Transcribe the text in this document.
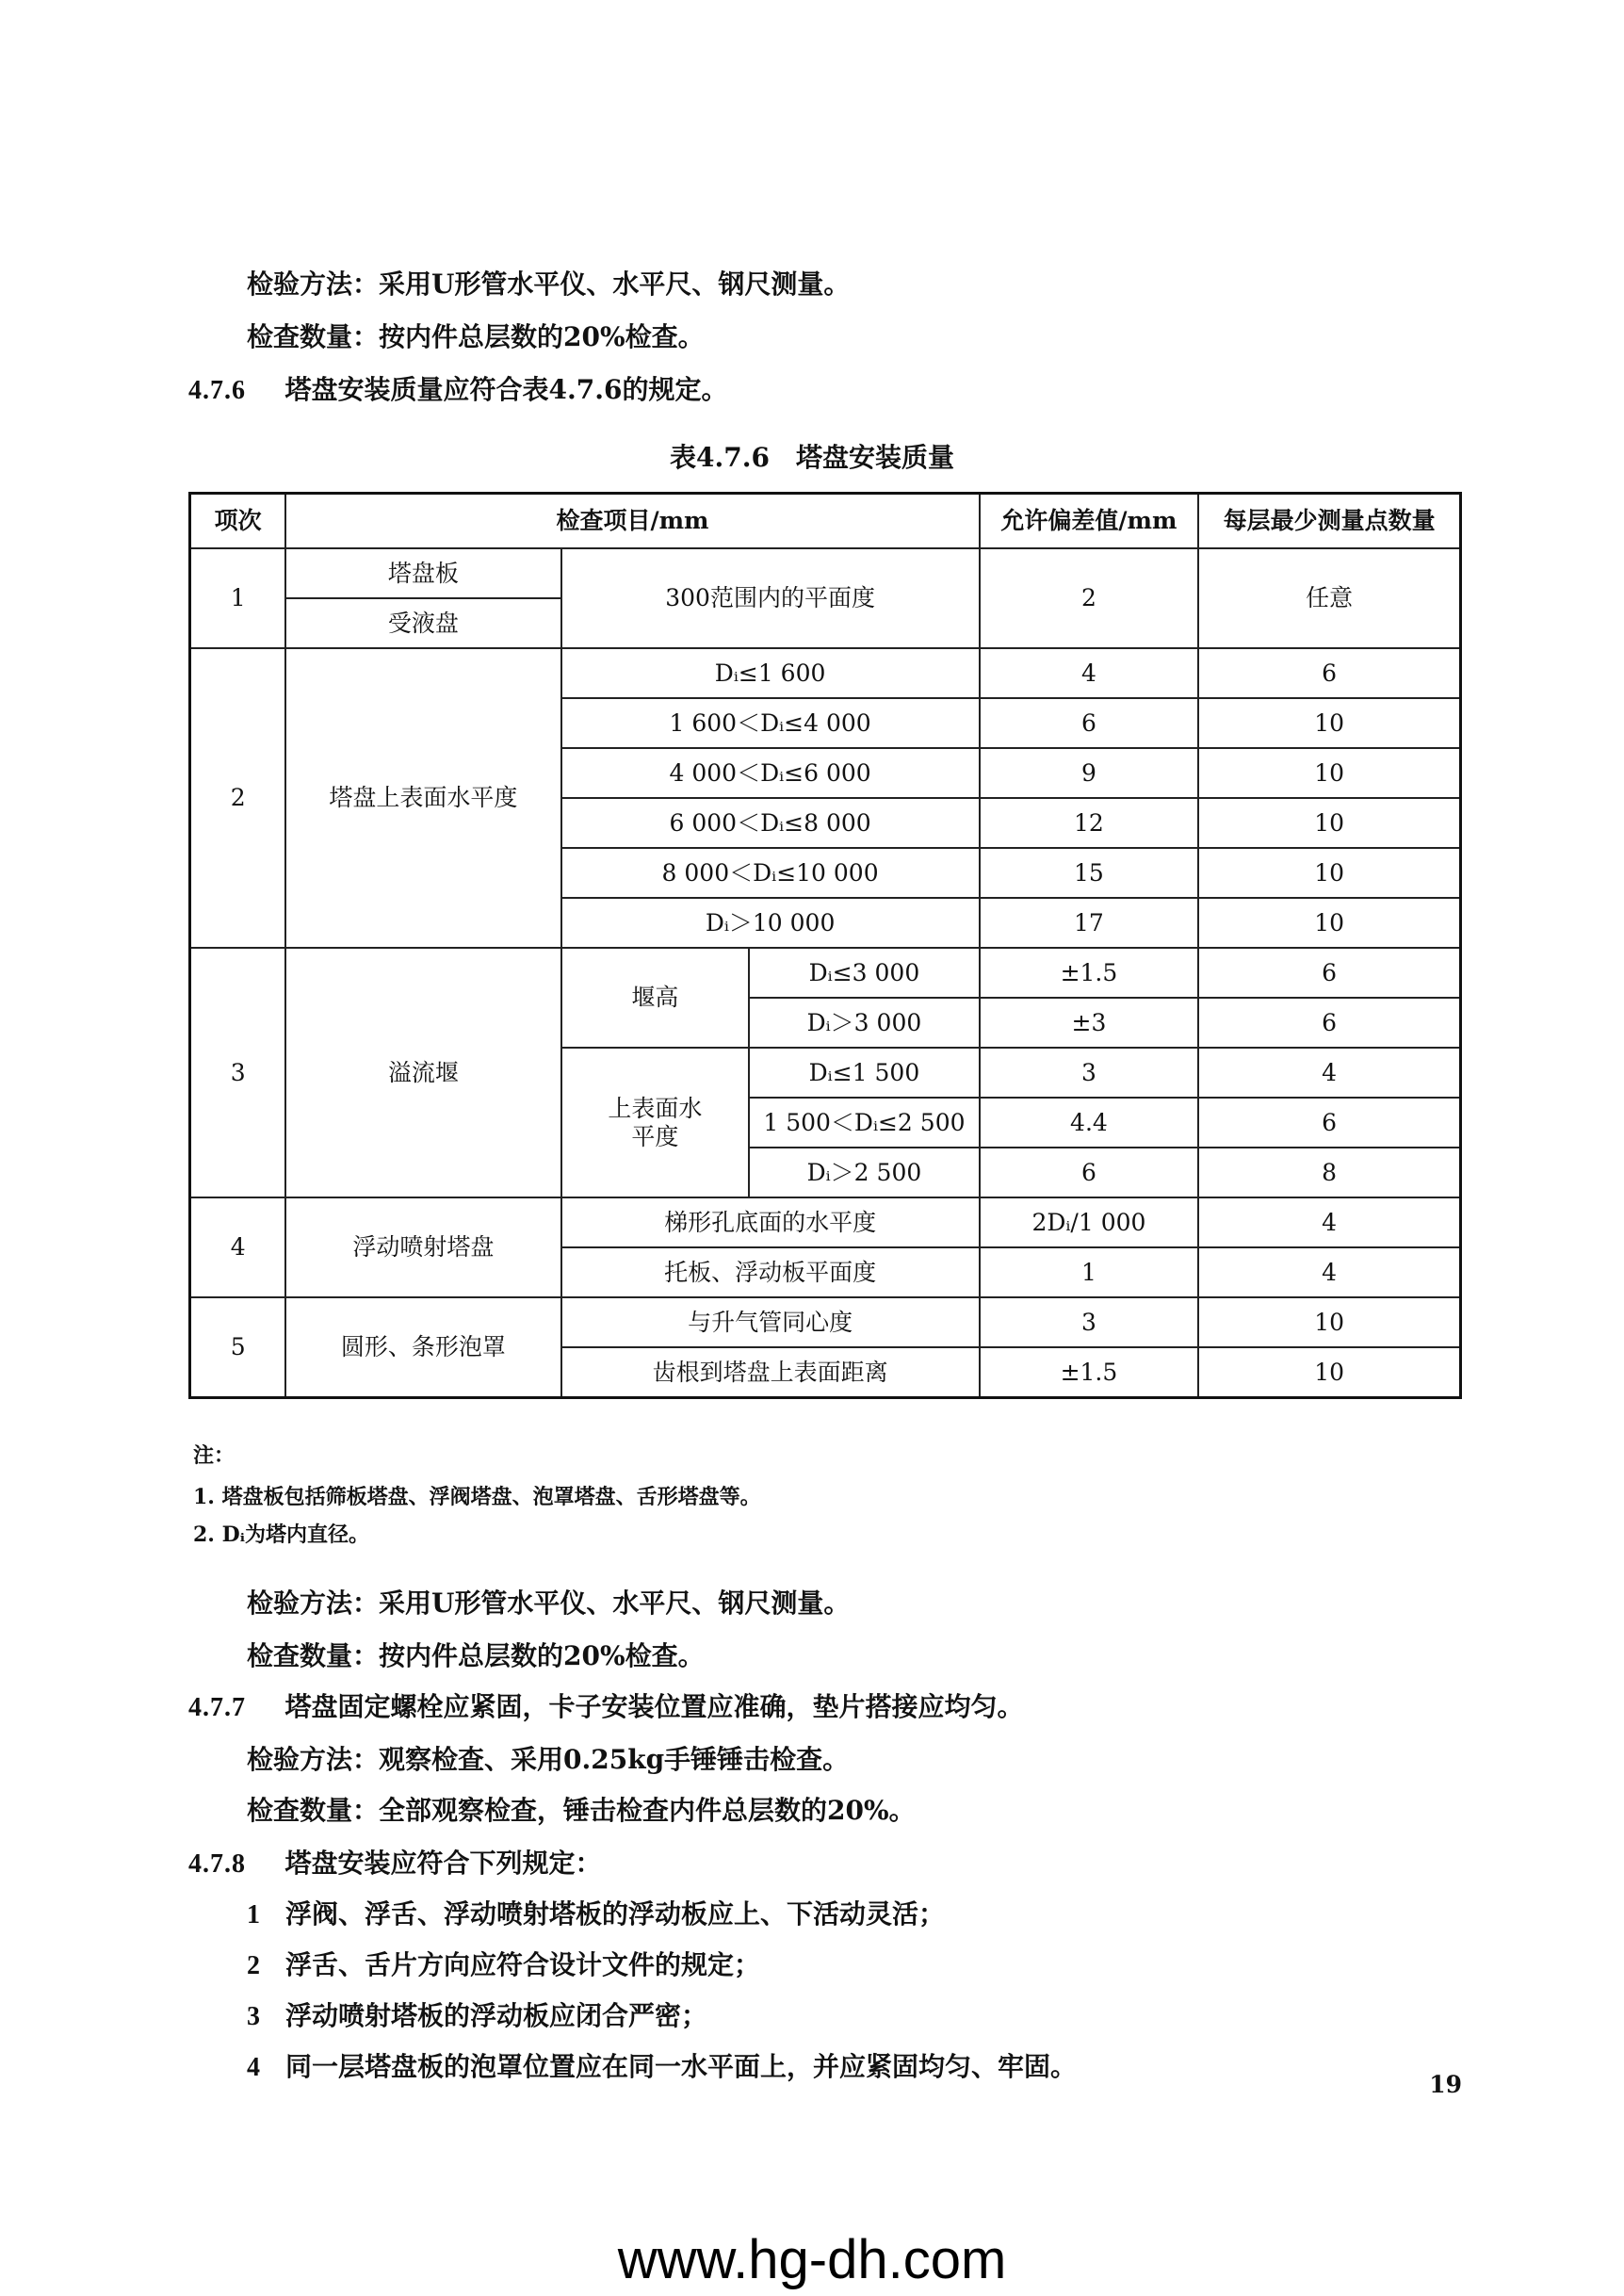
检验方法：采用U形管水平仪、水平尺、钢尺测量。
检查数量：按内件总层数的20%检查。
4.7.6 塔盘安装质量应符合表4.7.6的规定。
表4.7.6 塔盘安装质量
项次	检查项目/mm			允许偏差值/mm	每层最少测量点数量
1	塔盘板	300范围内的平面度		2	任意
	受液盘				
2	塔盘上表面水平度	Dᵢ≤1 600		4	6
		1 600＜Dᵢ≤4 000		6	10
		4 000＜Dᵢ≤6 000		9	10
		6 000＜Dᵢ≤8 000		12	10
		8 000＜Dᵢ≤10 000		15	10
		Dᵢ＞10 000		17	10
3	溢流堰	堰高	Dᵢ≤3 000	±1.5	6
			Dᵢ＞3 000	±3	6
		上表面水平度	Dᵢ≤1 500	3	4
			1 500＜Dᵢ≤2 500	4.4	6
			Dᵢ＞2 500	6	8
4	浮动喷射塔盘	梯形孔底面的水平度		2Dᵢ/1 000	4
		托板、浮动板平面度		1	4
5	圆形、条形泡罩	与升气管同心度		3	10
		齿根到塔盘上表面距离		±1.5	10
注：
1. 塔盘板包括筛板塔盘、浮阀塔盘、泡罩塔盘、舌形塔盘等。
2. Dᵢ为塔内直径。
检验方法：采用U形管水平仪、水平尺、钢尺测量。
检查数量：按内件总层数的20%检查。
4.7.7 塔盘固定螺栓应紧固，卡子安装位置应准确，垫片搭接应均匀。
检验方法：观察检查、采用0.25kg手锤锤击检查。
检查数量：全部观察检查，锤击检查内件总层数的20%。
4.7.8 塔盘安装应符合下列规定：
1 浮阀、浮舌、浮动喷射塔板的浮动板应上、下活动灵活；
2 浮舌、舌片方向应符合设计文件的规定；
3 浮动喷射塔板的浮动板应闭合严密；
4 同一层塔盘板的泡罩位置应在同一水平面上，并应紧固均匀、牢固。
19
www.hg-dh.com
